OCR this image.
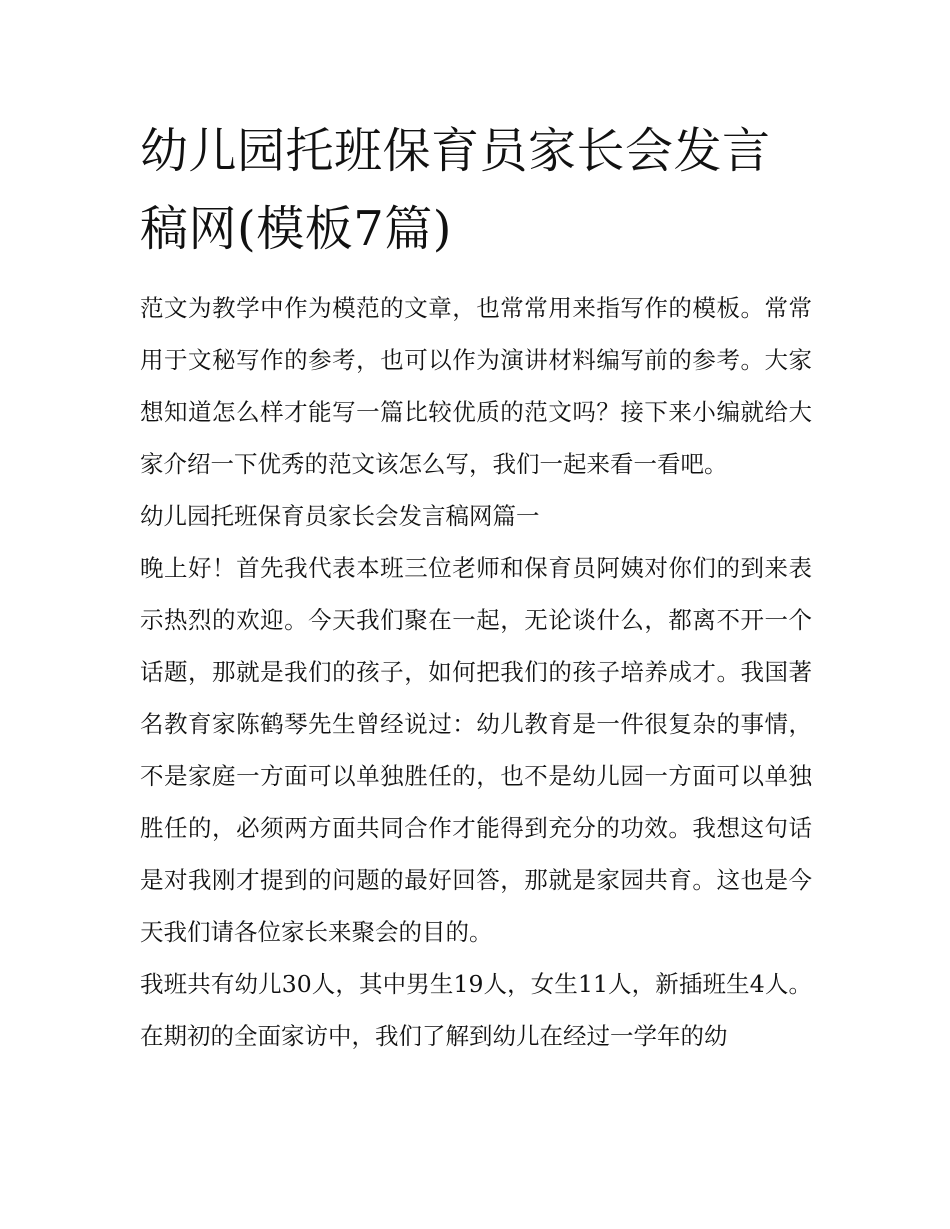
幼儿园托班保育员家长会发言稿网(模板7篇)

范文为教学中作为模范的文章，也常常用来指写作的模板。常常用于文秘写作的参考，也可以作为演讲材料编写前的参考。大家想知道怎么样才能写一篇比较优质的范文吗？接下来小编就给大家介绍一下优秀的范文该怎么写，我们一起来看一看吧。

幼儿园托班保育员家长会发言稿网篇一

晚上好！首先我代表本班三位老师和保育员阿姨对你们的到来表示热烈的欢迎。今天我们聚在一起，无论谈什么，都离不开一个话题，那就是我们的孩子，如何把我们的孩子培养成才。我国著名教育家陈鹤琴先生曾经说过：幼儿教育是一件很复杂的事情，不是家庭一方面可以单独胜任的，也不是幼儿园一方面可以单独胜任的，必须两方面共同合作才能得到充分的功效。我想这句话是对我刚才提到的问题的最好回答，那就是家园共育。这也是今天我们请各位家长来聚会的目的。

我班共有幼儿30人，其中男生19人，女生11人，新插班生4人。在期初的全面家访中，我们了解到幼儿在经过一学年的幼
